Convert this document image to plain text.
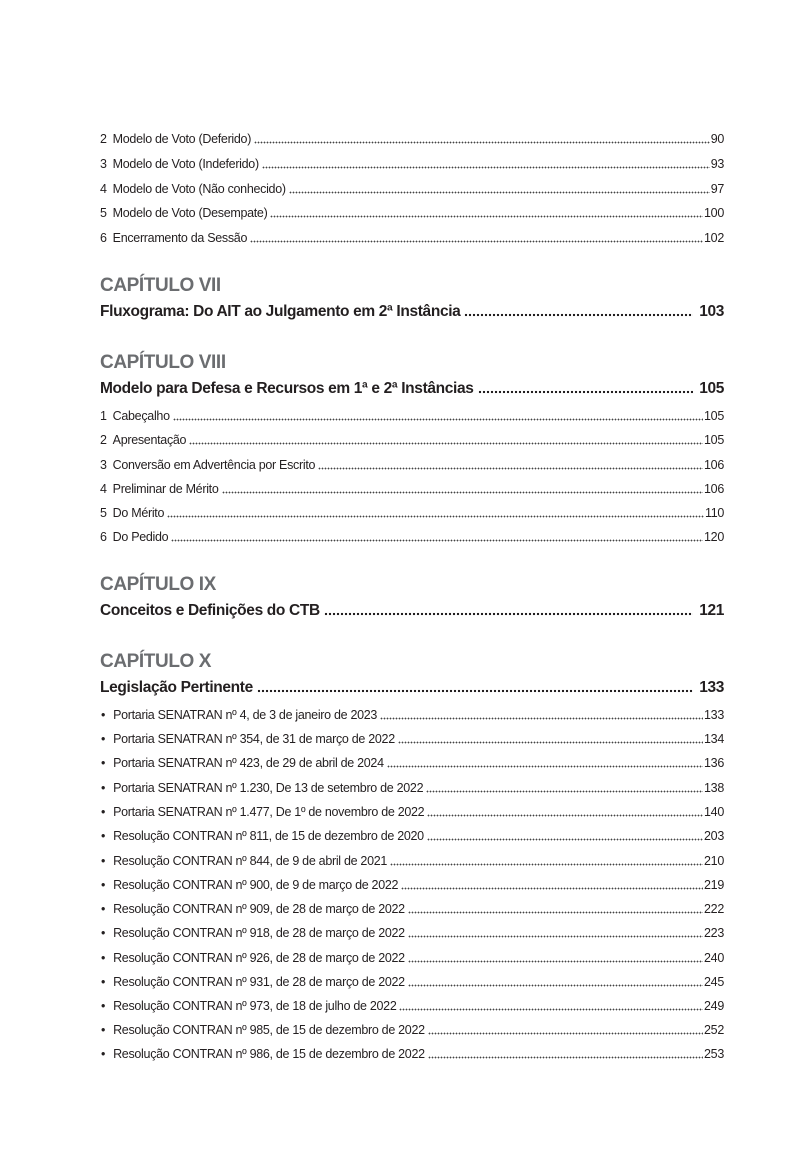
2 Modelo de Voto (Deferido)	90
3 Modelo de Voto (Indeferido)	93
4 Modelo de Voto (Não conhecido)	97
5 Modelo de Voto (Desempate)	100
6 Encerramento da Sessão	102
CAPÍTULO VII
Fluxograma: Do AIT ao Julgamento em 2ª Instância	103
CAPÍTULO VIII
Modelo para Defesa e Recursos em 1ª e 2ª Instâncias	105
1 Cabeçalho	105
2 Apresentação	105
3 Conversão em Advertência por Escrito	106
4 Preliminar de Mérito	106
5 Do Mérito	110
6 Do Pedido	120
CAPÍTULO IX
Conceitos e Definições do CTB	121
CAPÍTULO X
Legislação Pertinente	133
• Portaria SENATRAN nº 4, de 3 de janeiro de 2023	133
• Portaria SENATRAN nº 354, de 31 de março de 2022	134
• Portaria SENATRAN nº 423, de 29 de abril de 2024	136
• Portaria SENATRAN nº 1.230, De 13 de setembro de 2022	138
• Portaria SENATRAN nº 1.477, De 1º de novembro de 2022	140
• Resolução CONTRAN nº 811, de 15 de dezembro de 2020	203
• Resolução CONTRAN nº 844, de 9 de abril de 2021	210
• Resolução CONTRAN nº 900, de 9 de março de 2022	219
• Resolução CONTRAN nº 909, de 28 de março de 2022	222
• Resolução CONTRAN nº 918, de 28 de março de 2022	223
• Resolução CONTRAN nº 926, de 28 de março de 2022	240
• Resolução CONTRAN nº 931, de 28 de março de 2022	245
• Resolução CONTRAN nº 973, de 18 de julho de 2022	249
• Resolução CONTRAN nº 985, de 15 de dezembro de 2022	252
• Resolução CONTRAN nº 986, de 15 de dezembro de 2022	253
